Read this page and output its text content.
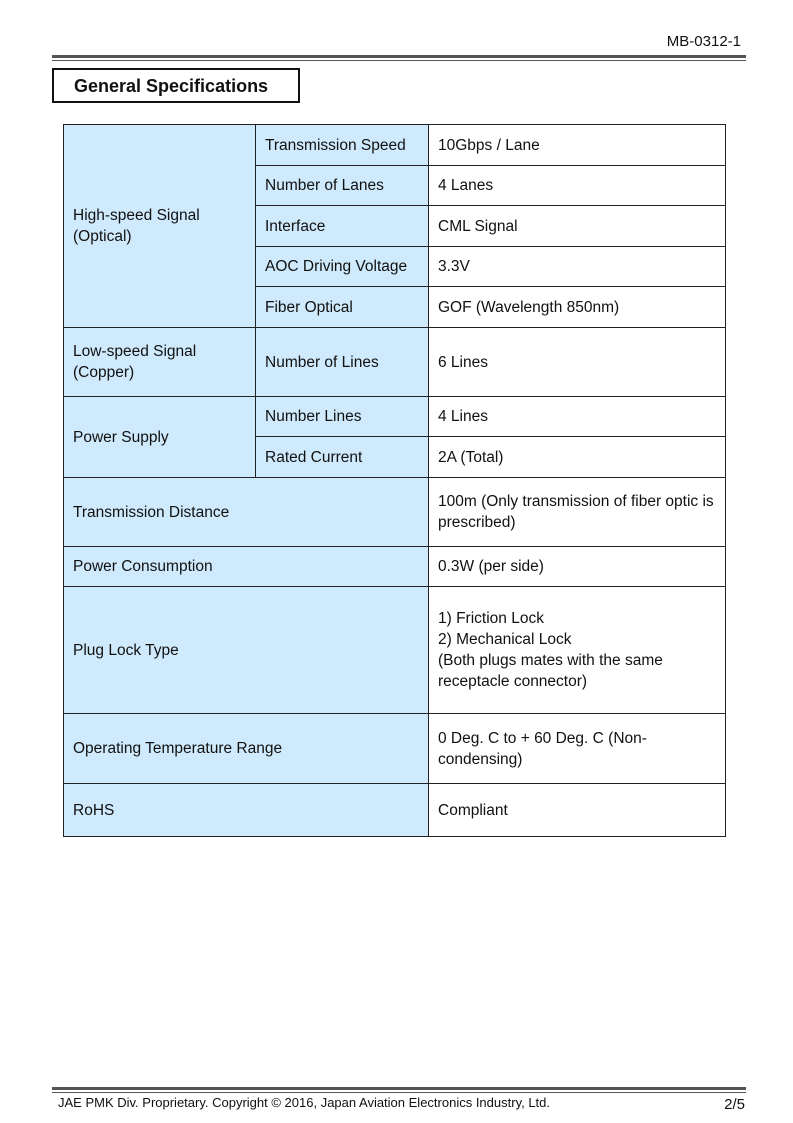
MB-0312-1
General Specifications
High-speed Signal (Optical)	Transmission Speed	10Gbps / Lane
	Number of Lanes	4 Lanes
	Interface	CML Signal
	AOC Driving Voltage	3.3V
	Fiber Optical	GOF (Wavelength 850nm)
Low-speed Signal (Copper)	Number of Lines	6 Lines
Power Supply	Number Lines	4 Lines
	Rated Current	2A (Total)
Transmission Distance		100m (Only transmission of fiber optic is prescribed)
Power Consumption		0.3W (per side)
Plug Lock Type		1) Friction Lock
2) Mechanical Lock
(Both plugs mates with the same receptacle connector)

Operating Temperature Range		0 Deg. C to + 60 Deg. C (Non-condensing)
RoHS		Compliant
JAE PMK Div. Proprietary. Copyright © 2016, Japan Aviation Electronics Industry, Ltd.	2/5
